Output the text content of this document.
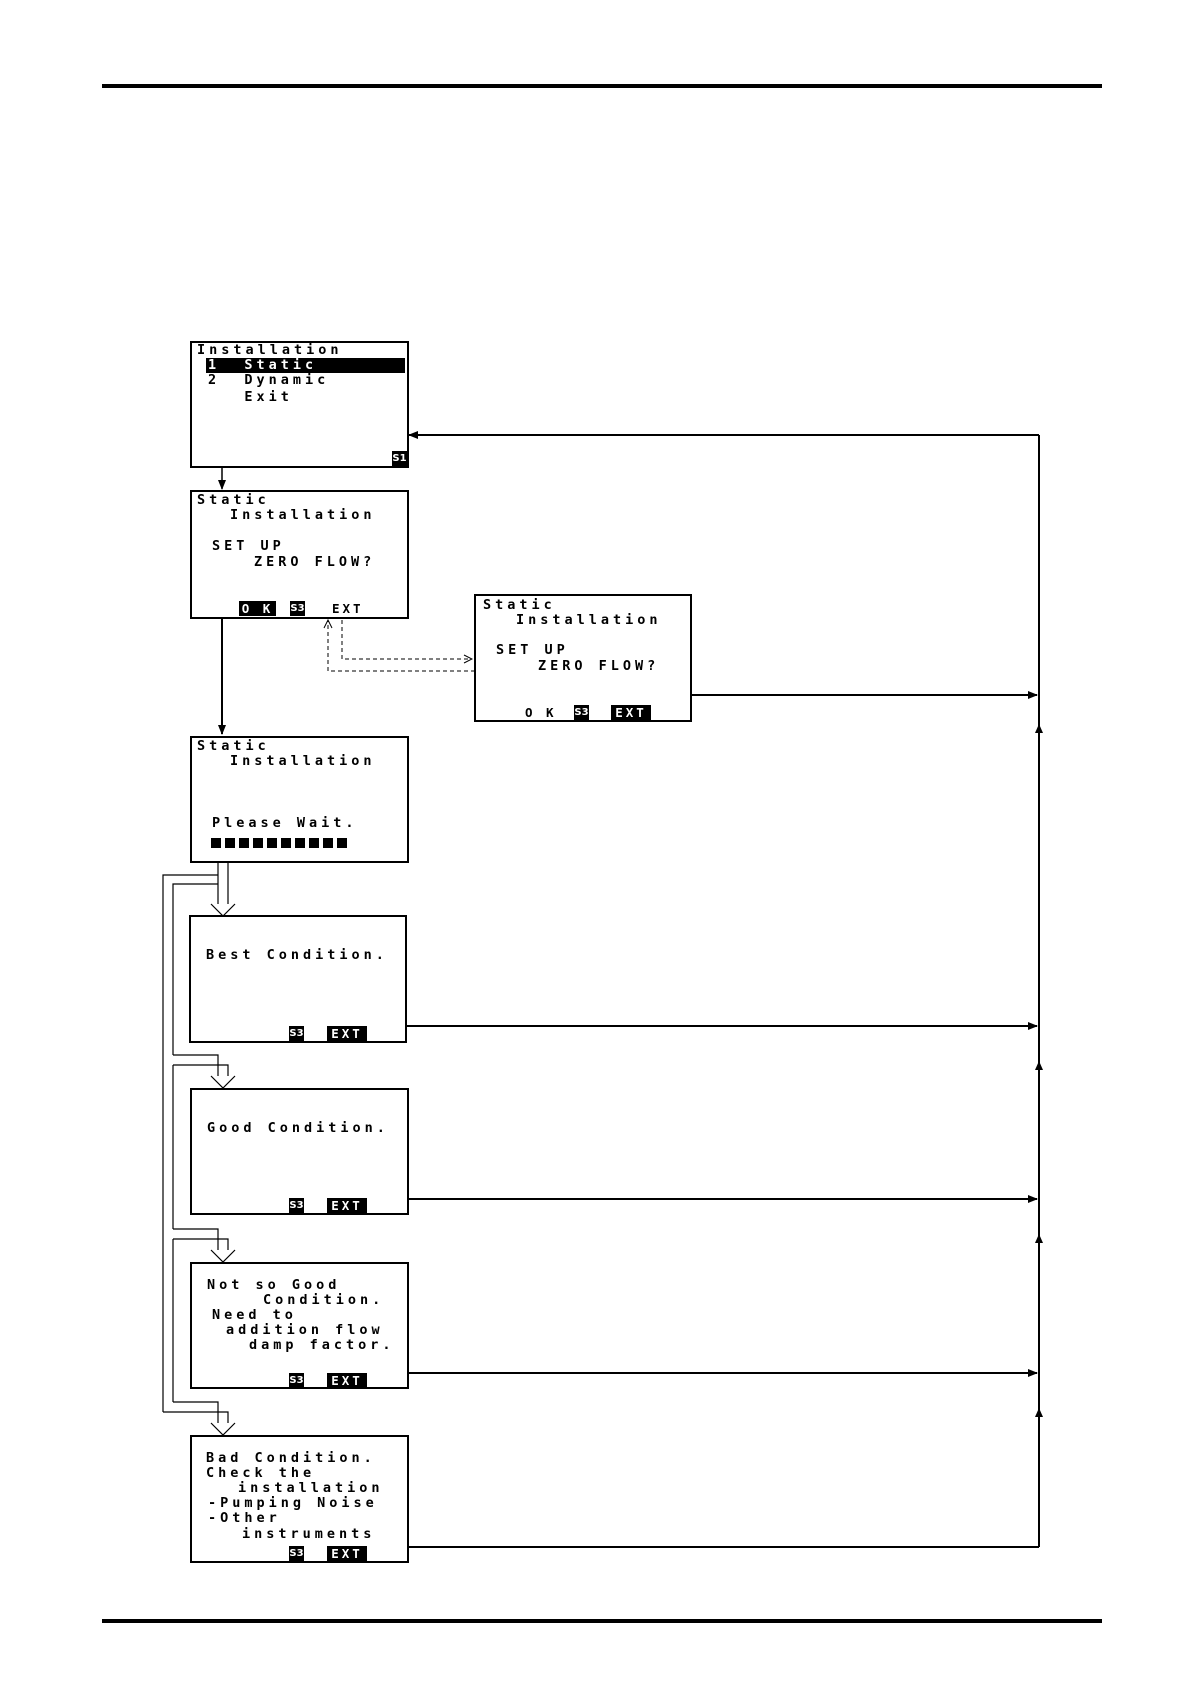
Installation
1  Static
2  Dynamic
Exit
S1
Static
Installation
SET UP
ZERO FLOW?
O K S3 EXT	Static
Installation
SET UP
ZERO FLOW?
O K S3	EXT
Static
Installation
Please Wait.
Best Condition.
S3	EXT
Good Condition.
S3	EXT
Not so Good
Condition.
Need to
addition flow
damp factor.
S3	EXT
Bad Condition.
Check the
installation
-Pumping Noise
-Other
instruments
S3	EXT
